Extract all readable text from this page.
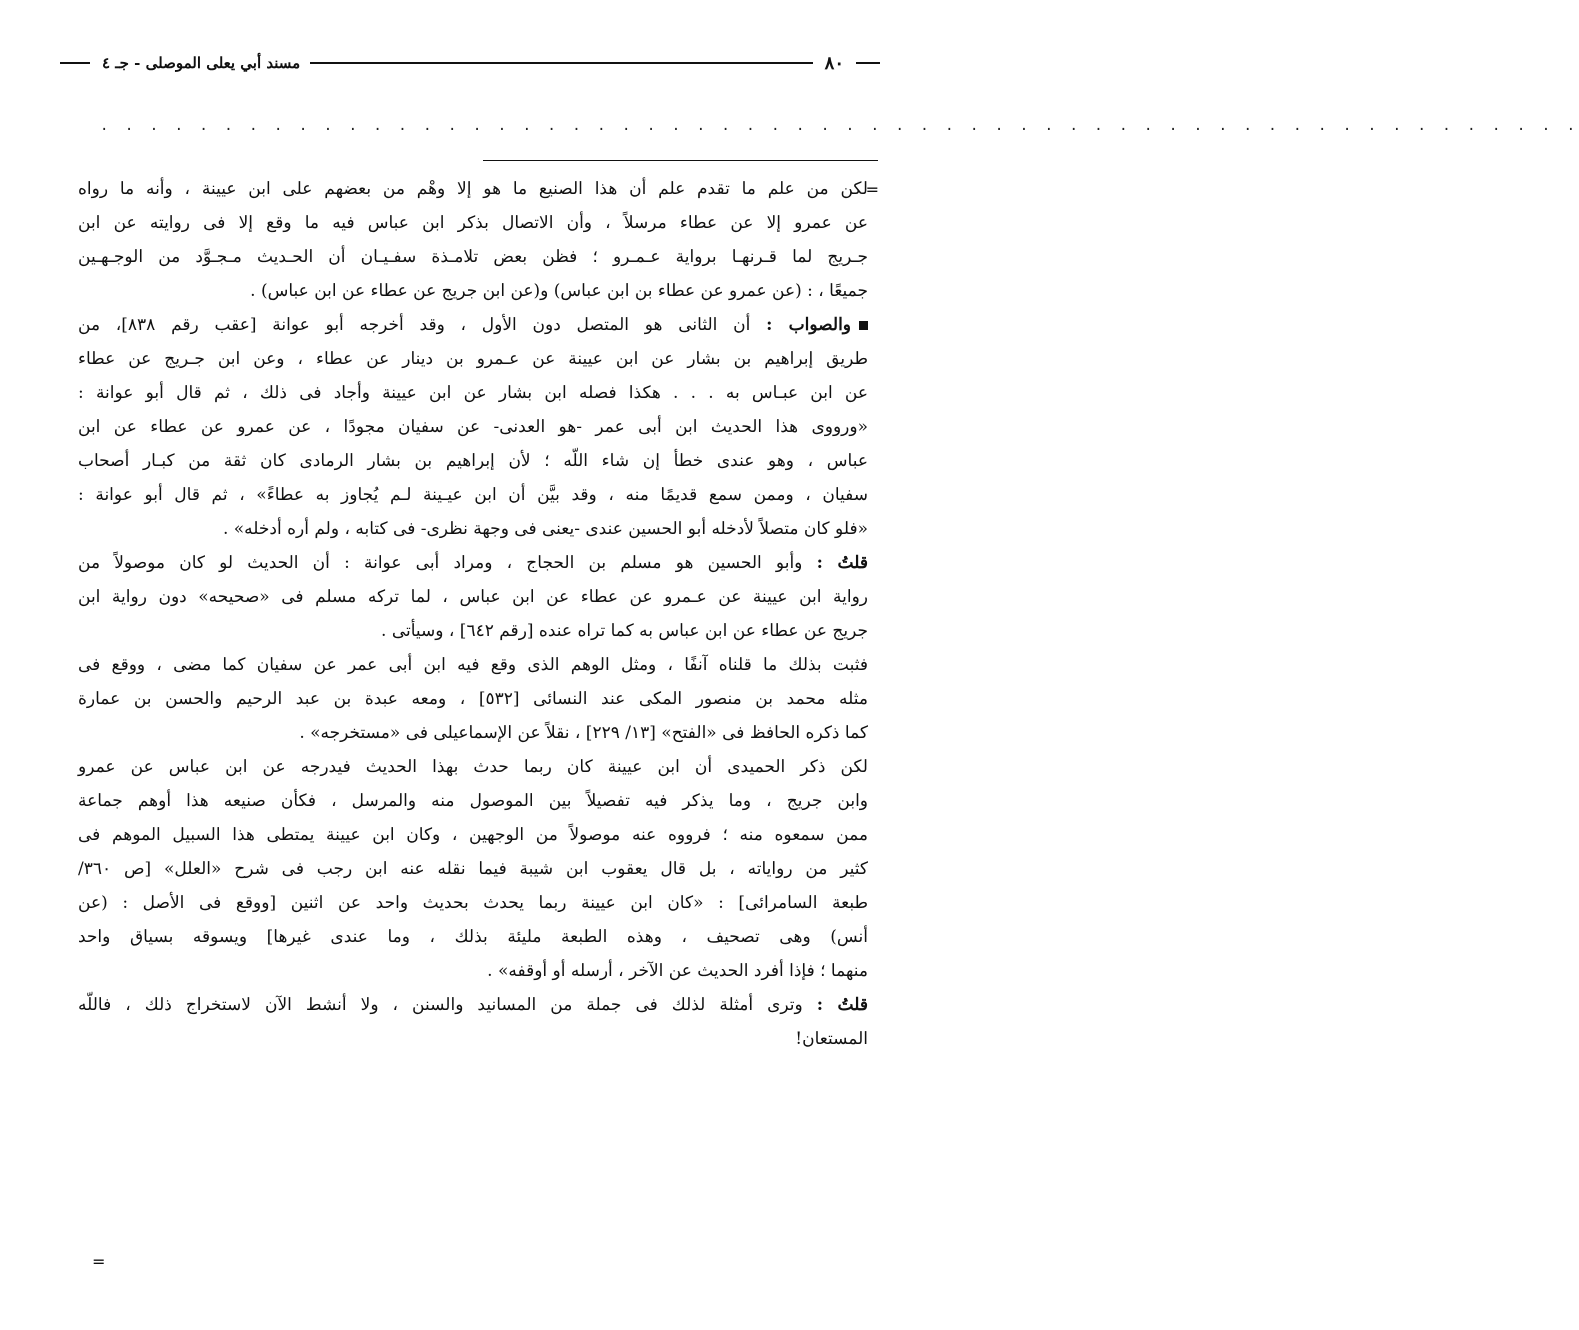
٨٠
مسند أبي يعلى الموصلى - جـ ٤
. . . . . . . . . . . . . . . . . . . . . . . . . . . . . . . . . . . . . . . . . . . . . . . . . . . . . . . . . . . .
=
=
لكن من علم ما تقدم علم أن هذا الصنيع ما هو إلا وهْم من بعضهم على ابن عيينة ، وأنه ما رواه
عن عمرو إلا عن عطاء مرسلاً ، وأن الاتصال بذكر ابن عباس فيه ما وقع إلا فى روايته عن ابن
جـريج لما قـرنهـا برواية عـمـرو ؛ فظن بعض تلامـذة سفـيـان أن الحـديث مـجـوَّد من الوجـهـين
جميعًا ، : (عن عمرو عن عطاء بن ابن عباس) و(عن ابن جريج عن عطاء عن ابن عباس) .
والصواب : أن الثانى هو المتصل دون الأول ، وقد أخرجه أبو عوانة [عقب رقم ٨٣٨]، من
طريق إبراهيم بن بشار عن ابن عيينة عن عـمرو بن دينار عن عطاء ، وعن ابن جـريج عن عطاء
عن ابن عبـاس به . . . هكذا فصله ابن بشار عن ابن عيينة وأجاد فى ذلك ، ثم قال أبو عوانة :
«ورووى هذا الحديث ابن أبى عمر -هو العدنى- عن سفيان مجودًا ، عن عمرو عن عطاء عن ابن
عباس ، وهو عندى خطأ إن شاء اللّه ؛ لأن إبراهيم بن بشار الرمادى كان ثقة من كبـار أصحاب
سفيان ، وممن سمع قديمًا منه ، وقد بيَّن أن ابن عيـينة لـم يُجاوز به عطاءً» ، ثم قال أبو عوانة :
«فلو كان متصلاً لأدخله أبو الحسين عندى -يعنى فى وجهة نظرى- فى كتابه ، ولم أره أدخله» .
قلتُ : وأبو الحسين هو مسلم بن الحجاج ، ومراد أبى عوانة : أن الحديث لو كان موصولاً من
رواية ابن عيينة عن عـمرو عن عطاء عن ابن عباس ، لما تركه مسلم فى «صحيحه» دون رواية ابن
جريج عن عطاء عن ابن عباس به كما تراه عنده [رقم ٦٤٢] ، وسيأتى .
فثبت بذلك ما قلناه آنفًا ، ومثل الوهم الذى وقع فيه ابن أبى عمر عن سفيان كما مضى ، ووقع فى
مثله محمد بن منصور المكى عند النسائى [٥٣٢] ، ومعه عبدة بن عبد الرحيم والحسن بن عمارة
كما ذكره الحافظ فى «الفتح» [١٣/ ٢٢٩] ، نقلاً عن الإسماعيلى فى «مستخرجه» .
لكن ذكر الحميدى أن ابن عيينة كان ربما حدث بهذا الحديث فيدرجه عن ابن عباس عن عمرو
وابن جريج ، وما يذكر فيه تفصيلاً بين الموصول منه والمرسل ، فكأن صنيعه هذا أوهم جماعة
ممن سمعوه منه ؛ فرووه عنه موصولاً من الوجهين ، وكان ابن عيينة يمتطى هذا السبيل الموهم فى
كثير من رواياته ، بل قال يعقوب ابن شيبة فيما نقله عنه ابن رجب فى شرح «العلل» [ص ٣٦٠/
طبعة السامرائى] : «كان ابن عيينة ربما يحدث بحديث واحد عن اثنين [ووقع فى الأصل : (عن
أنس) وهى تصحيف ، وهذه الطبعة مليئة بذلك ، وما عندى غيرها] ويسوقه بسياق واحد
منهما ؛ فإذا أفرد الحديث عن الآخر ، أرسله أو أوقفه» .
قلتُ : وترى أمثلة لذلك فى جملة من المسانيد والسنن ، ولا أنشط الآن لاستخراج ذلك ، فاللّه
المستعان!
